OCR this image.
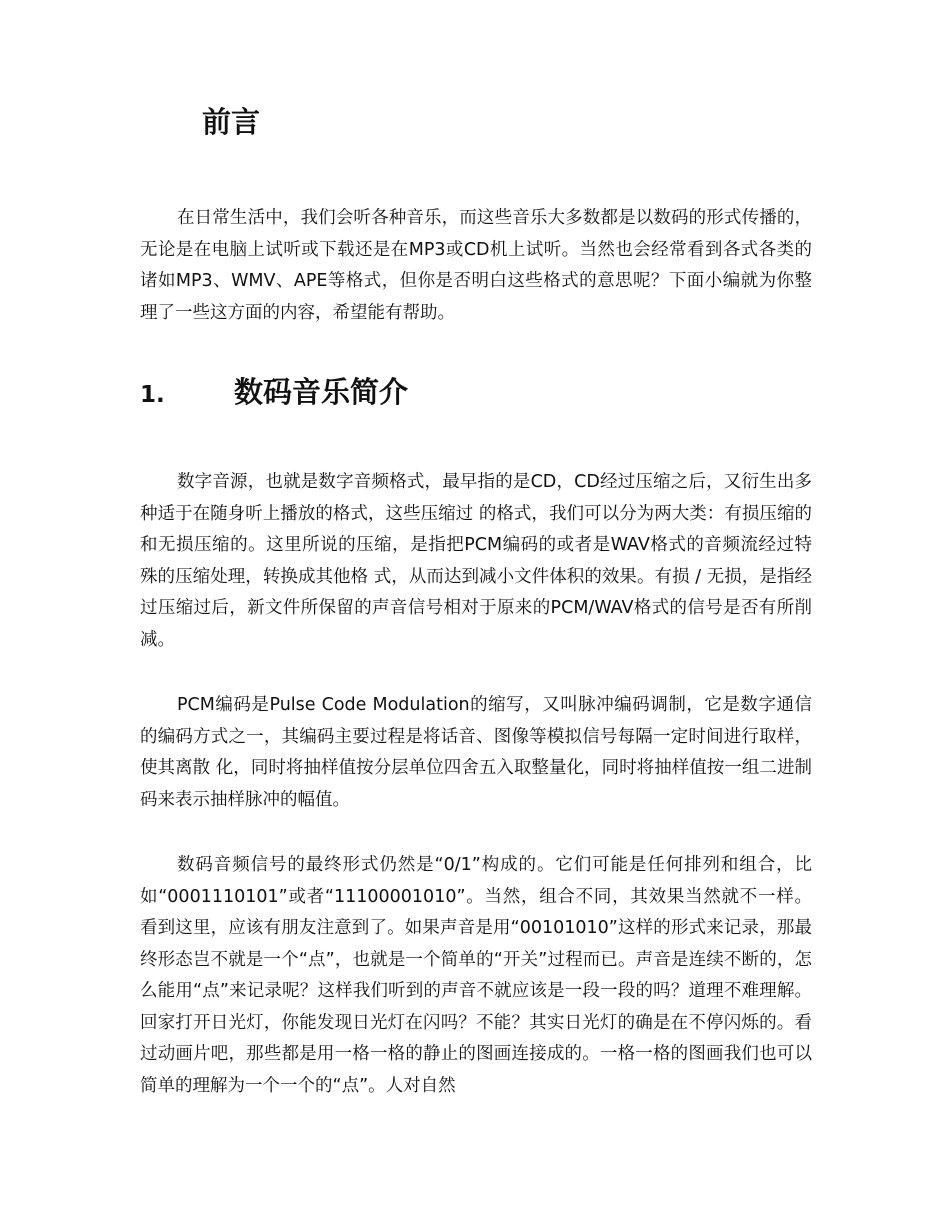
前言

在日常生活中，我们会听各种音乐，而这些音乐大多数都是以数码的形式传播的，无论是在电脑上试听或下载还是在MP3或CD机上试听。当然也会经常看到各式各类的诸如MP3、WMV、APE等格式，但你是否明白这些格式的意思呢？下面小编就为你整理了一些这方面的内容，希望能有帮助。

1. 数码音乐简介

数字音源，也就是数字音频格式，最早指的是CD，CD经过压缩之后，又衍生出多种适于在随身听上播放的格式，这些压缩过 的格式，我们可以分为两大类：有损压缩的和无损压缩的。这里所说的压缩，是指把PCM编码的或者是WAV格式的音频流经过特殊的压缩处理，转换成其他格 式，从而达到减小文件体积的效果。有损 / 无损，是指经过压缩过后，新文件所保留的声音信号相对于原来的PCM/WAV格式的信号是否有所削减。

PCM编码是Pulse Code Modulation的缩写，又叫脉冲编码调制，它是数字通信的编码方式之一，其编码主要过程是将话音、图像等模拟信号每隔一定时间进行取样，使其离散 化，同时将抽样值按分层单位四舍五入取整量化，同时将抽样值按一组二进制码来表示抽样脉冲的幅值。

数码音频信号的最终形式仍然是“0/1”构成的。它们可能是任何排列和组合，比如“0001110101”或者“11100001010”。当然，组合不同，其效果当然就不一样。看到这里，应该有朋友注意到了。如果声音是用“00101010”这样的形式来记录，那最终形态岂不就是一个“点”，也就是一个简单的“开关”过程而已。声音是连续不断的，怎么能用“点”来记录呢？这样我们听到的声音不就应该是一段一段的吗？道理不难理解。回家打开日光灯，你能发现日光灯在闪吗？不能？其实日光灯的确是在不停闪烁的。看过动画片吧，那些都是用一格一格的静止的图画连接成的。一格一格的图画我们也可以简单的理解为一个一个的“点”。人对自然
